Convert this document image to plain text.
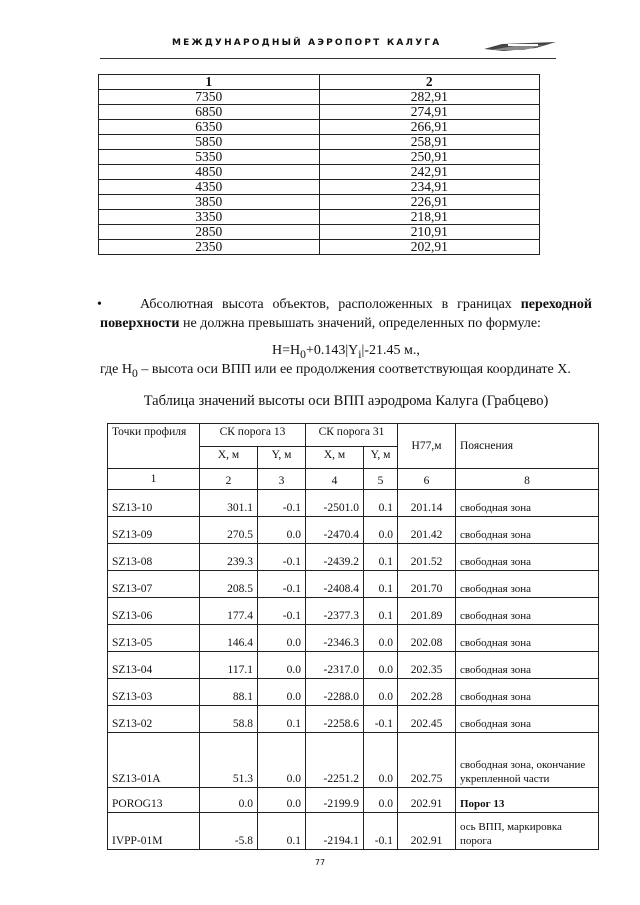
МЕЖДУНАРОДНЫЙ АЭРОПОРТ КАЛУГА
1	2
7350	282,91
6850	274,91
6350	266,91
5850	258,91
5350	250,91
4850	242,91
4350	234,91
3850	226,91
3350	218,91
2850	210,91
2350	202,91
•	Абсолютная высота объектов, расположенных в границах переходной поверхности не должна превышать значений, определенных по формуле:

$H=H_0+0.143|Y_i|-21.45$ м.,
где $H_0$ – высота оси ВПП или ее продолжения соответствующая координате X.
Таблица значений высоты оси ВПП аэродрома Калуга (Грабцево)
Точки профиля	СК порога 13		СК порога 31		Н77,м	Пояснения
	X, м	Y, м	X, м	Y, м		
1	2	3	4	5	6	8
SZ13-10	301.1	-0.1	-2501.0	0.1	201.14	свободная зона
SZ13-09	270.5	0.0	-2470.4	0.0	201.42	свободная зона
SZ13-08	239.3	-0.1	-2439.2	0.1	201.52	свободная зона
SZ13-07	208.5	-0.1	-2408.4	0.1	201.70	свободная зона
SZ13-06	177.4	-0.1	-2377.3	0.1	201.89	свободная зона
SZ13-05	146.4	0.0	-2346.3	0.0	202.08	свободная зона
SZ13-04	117.1	0.0	-2317.0	0.0	202.35	свободная зона
SZ13-03	88.1	0.0	-2288.0	0.0	202.28	свободная зона
SZ13-02	58.8	0.1	-2258.6	-0.1	202.45	свободная зона
SZ13-01A	51.3	0.0	-2251.2	0.0	202.75	свободная зона, окончание укрепленной части
POROG13	0.0	0.0	-2199.9	0.0	202.91	Порог 13
IVPP-01M	-5.8	0.1	-2194.1	-0.1	202.91	ось ВПП, маркировка порога
77
